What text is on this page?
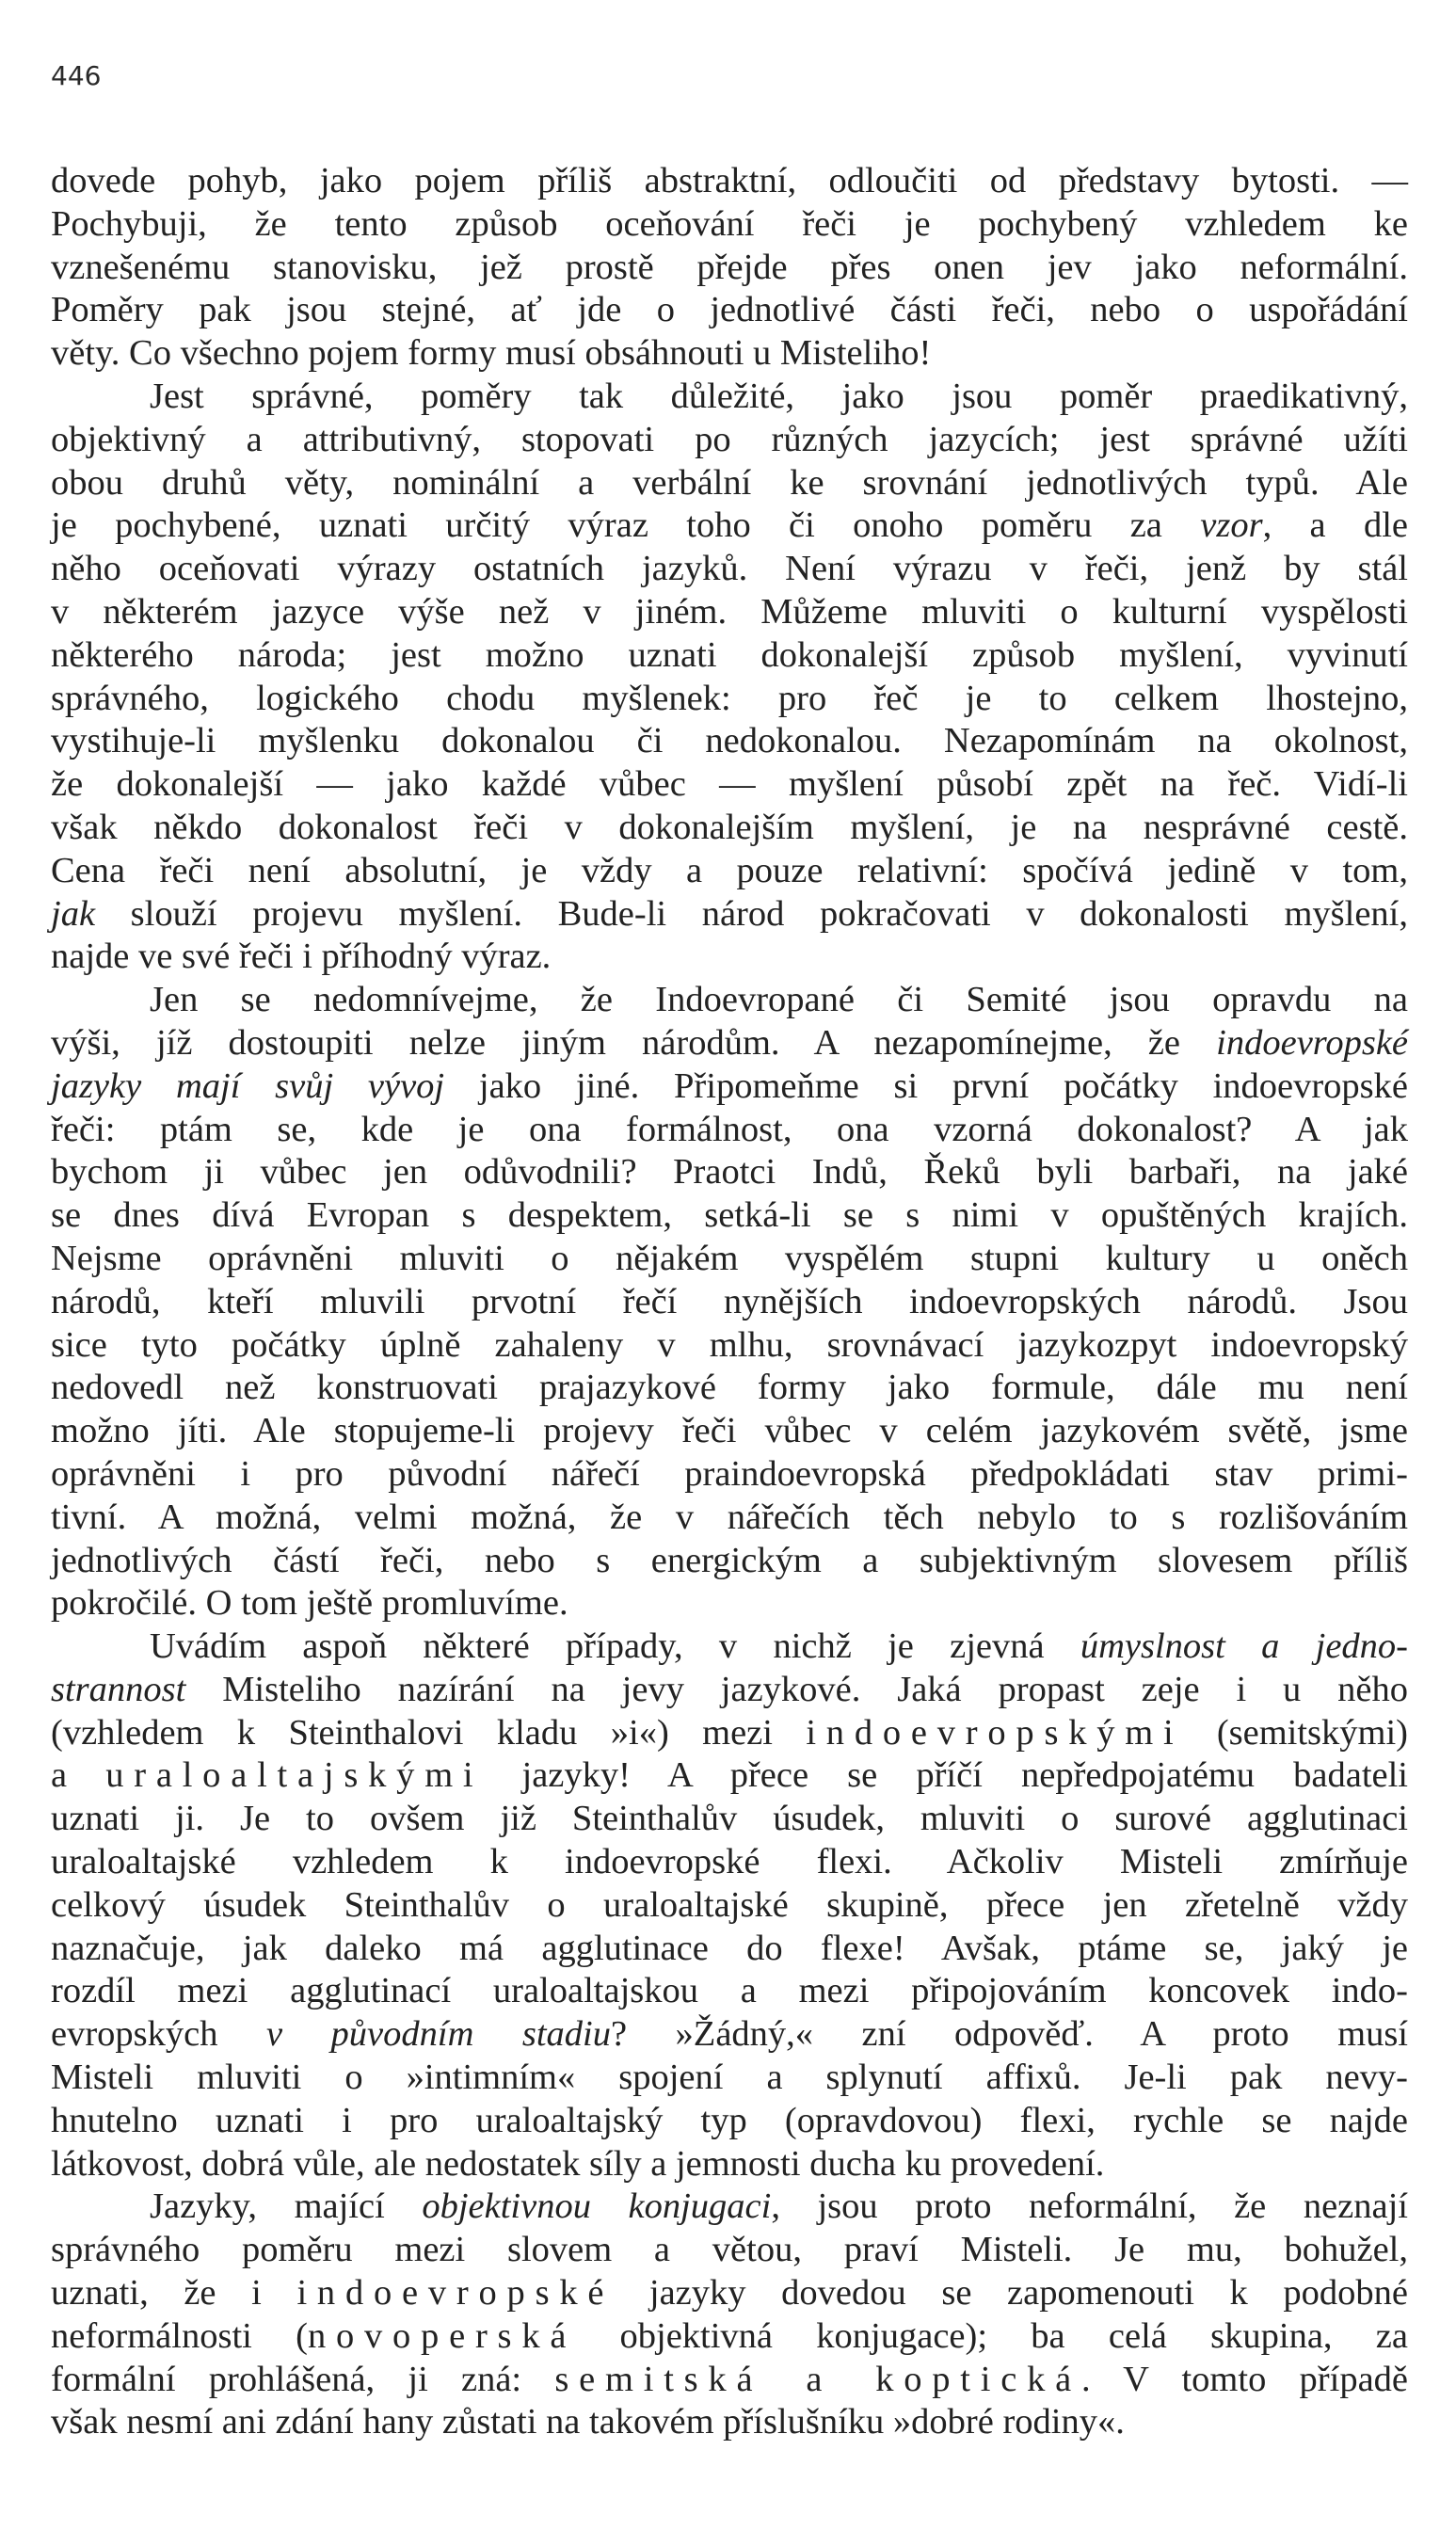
446
dovede pohyb, jako pojem příliš abstraktní, odloučiti od představy bytosti. —
Pochybuji, že tento způsob oceňování řeči je pochybený vzhledem ke
vznešenému stanovisku, jež prostě přejde přes onen jev jako neformální.
Poměry pak jsou stejné, ať jde o jednotlivé části řeči, nebo o uspořádání
věty. Co všechno pojem formy musí obsáhnouti u Misteliho!
Jest správné, poměry tak důležité, jako jsou poměr praedikativný,
objektivný a attributivný, stopovati po různých jazycích; jest správné užíti
obou druhů věty, nominální a verbální ke srovnání jednotlivých typů. Ale
je pochybené, uznati určitý výraz toho či onoho poměru za vzor, a dle
něho oceňovati výrazy ostatních jazyků. Není výrazu v řeči, jenž by stál
v některém jazyce výše než v jiném. Můžeme mluviti o kulturní vyspělosti
některého národa; jest možno uznati dokonalejší způsob myšlení, vyvinutí
správného, logického chodu myšlenek: pro řeč je to celkem lhostejno,
vystihuje-li myšlenku dokonalou či nedokonalou. Nezapomínám na okolnost,
že dokonalejší — jako každé vůbec — myšlení působí zpět na řeč. Vidí-li
však někdo dokonalost řeči v dokonalejším myšlení, je na nesprávné cestě.
Cena řeči není absolutní, je vždy a pouze relativní: spočívá jedině v tom,
jak slouží projevu myšlení. Bude-li národ pokračovati v dokonalosti myšlení,
najde ve své řeči i příhodný výraz.
Jen se nedomnívejme, že Indoevropané či Semité jsou opravdu na
výši, jíž dostoupiti nelze jiným národům. A nezapomínejme, že indoevropské
jazyky mají svůj vývoj jako jiné. Připomeňme si první počátky indoevropské
řeči: ptám se, kde je ona formálnost, ona vzorná dokonalost? A jak
bychom ji vůbec jen odůvodnili? Praotci Indů, Řeků byli barbaři, na jaké
se dnes dívá Evropan s despektem, setká-li se s nimi v opuštěných krajích.
Nejsme oprávněni mluviti o nějakém vyspělém stupni kultury u oněch
národů, kteří mluvili prvotní řečí nynějších indoevropských národů. Jsou
sice tyto počátky úplně zahaleny v mlhu, srovnávací jazykozpyt indoevropský
nedovedl než konstruovati prajazykové formy jako formule, dále mu není
možno jíti. Ale stopujeme-li projevy řeči vůbec v celém jazykovém světě, jsme
oprávněni i pro původní nářečí praindoevropská předpokládati stav primi-
tivní. A možná, velmi možná, že v nářečích těch nebylo to s rozlišováním
jednotlivých částí řeči, nebo s energickým a subjektivným slovesem příliš
pokročilé. O tom ještě promluvíme.
Uvádím aspoň některé případy, v nichž je zjevná úmyslnost a jedno-
strannost Misteliho nazírání na jevy jazykové. Jaká propast zeje i u něho
(vzhledem k Steinthalovi kladu »i«) mezi indoevropskými (semitskými)
a uraloaltajskými jazyky! A přece se příčí nepředpojatému badateli
uznati ji. Je to ovšem již Steinthalův úsudek, mluviti o surové agglutinaci
uraloaltajské vzhledem k indoevropské flexi. Ačkoliv Misteli zmírňuje
celkový úsudek Steinthalův o uraloaltajské skupině, přece jen zřetelně vždy
naznačuje, jak daleko má agglutinace do flexe! Avšak, ptáme se, jaký je
rozdíl mezi agglutinací uraloaltajskou a mezi připojováním koncovek indo-
evropských v původním stadiu? »Žádný,« zní odpověď. A proto musí
Misteli mluviti o »intimním« spojení a splynutí affixů. Je-li pak nevy-
hnutelno uznati i pro uraloaltajský typ (opravdovou) flexi, rychle se najde
látkovost, dobrá vůle, ale nedostatek síly a jemnosti ducha ku provedení.
Jazyky, mající objektivnou konjugaci, jsou proto neformální, že neznají
správného poměru mezi slovem a větou, praví Misteli. Je mu, bohužel,
uznati, že i indoevropské jazyky dovedou se zapomenouti k podobné
neformálnosti (novoperská objektivná konjugace); ba celá skupina, za
formální prohlášená, ji zná: semitská a koptická. V tomto případě
však nesmí ani zdání hany zůstati na takovém příslušníku »dobré rodiny«.
